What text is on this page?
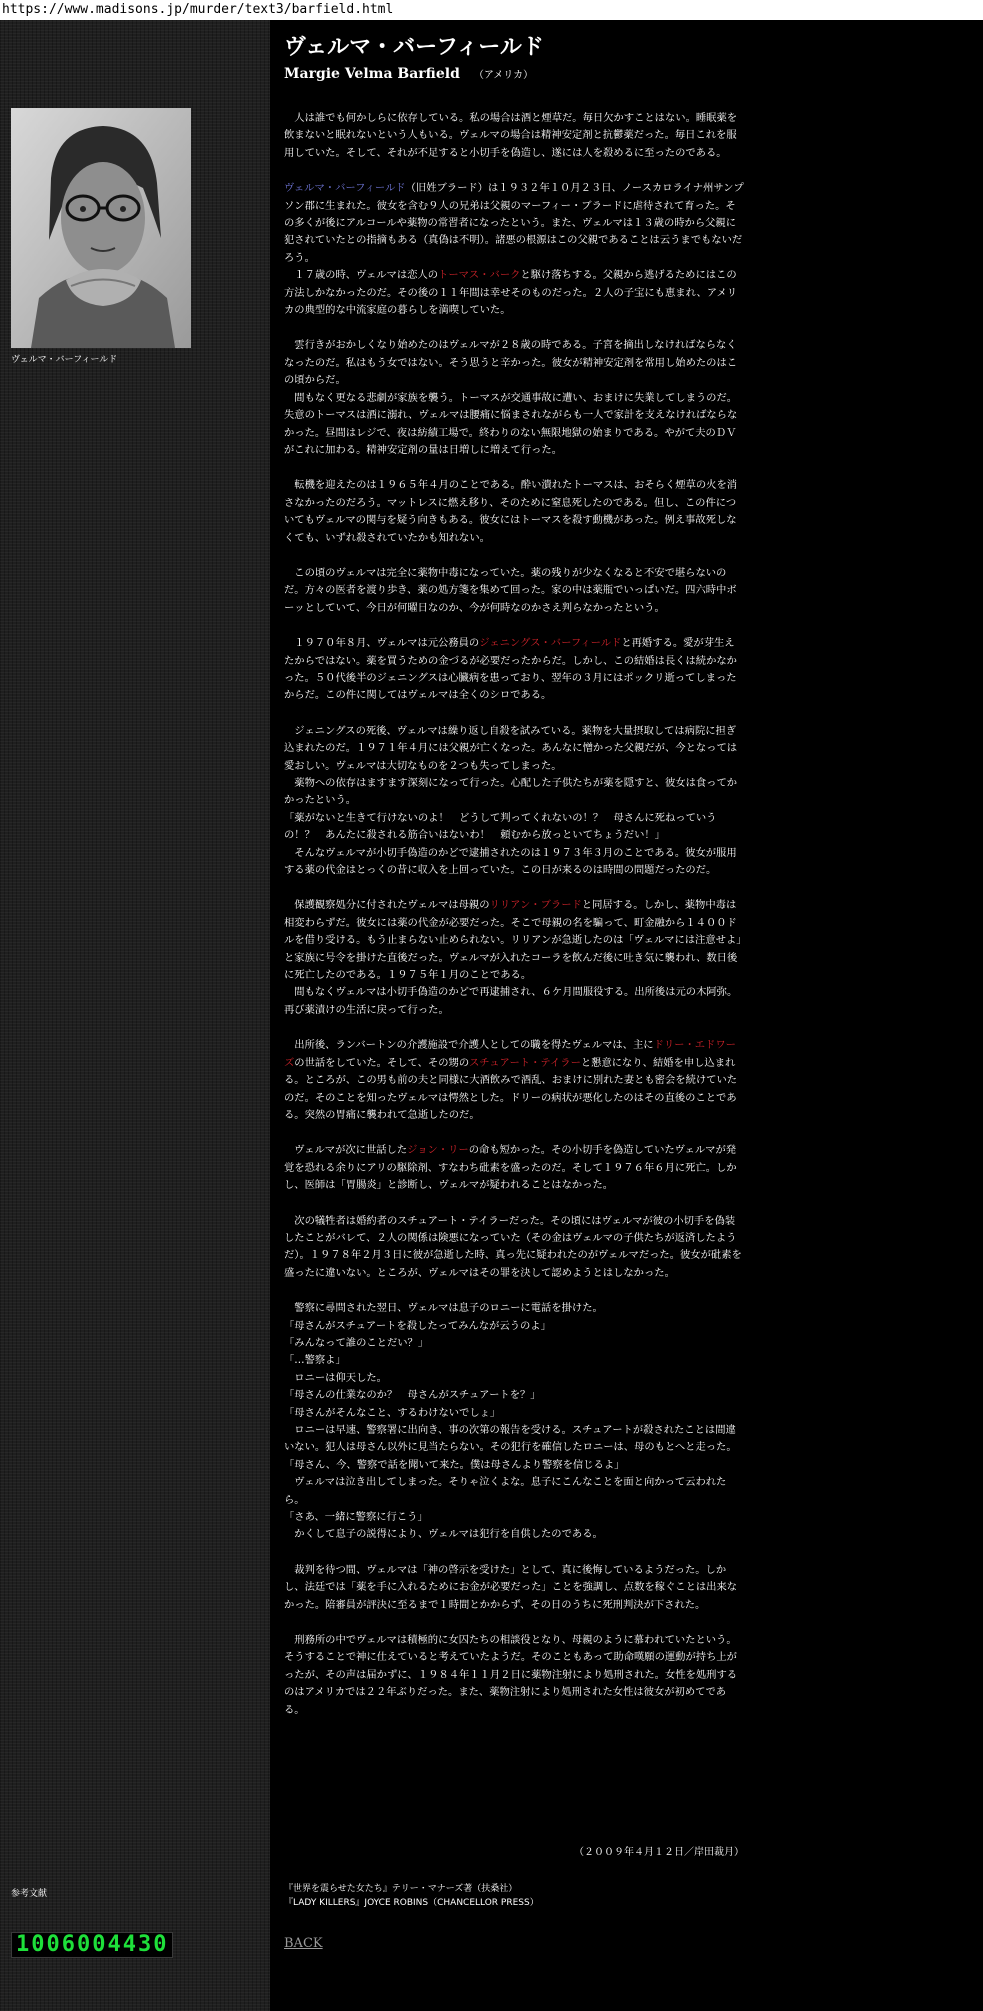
https://www.madisons.jp/murder/text3/barfield.html
ヴェルマ・バーフィールド
参考文献
1006004430
ヴェルマ・バーフィールド
Margie Velma Barfield （アメリカ）

　人は誰でも何かしらに依存している。私の場合は酒と煙草だ。毎日欠かすことはない。睡眠薬を飲まないと眠れないという人もいる。ヴェルマの場合は精神安定剤と抗鬱薬だった。毎日これを服用していた。そして、それが不足すると小切手を偽造し、遂には人を殺めるに至ったのである。

ヴェルマ・バーフィールド（旧姓ブラード）は１９３２年１０月２３日、ノースカロライナ州サンプソン郡に生まれた。彼女を含む９人の兄弟は父親のマーフィー・ブラードに虐待されて育った。その多くが後にアルコールや薬物の常習者になったという。また、ヴェルマは１３歳の時から父親に犯されていたとの指摘もある（真偽は不明）。諸悪の根源はこの父親であることは云うまでもないだろう。
　１７歳の時、ヴェルマは恋人のトーマス・バークと駆け落ちする。父親から逃げるためにはこの方法しかなかったのだ。その後の１１年間は幸せそのものだった。２人の子宝にも恵まれ、アメリカの典型的な中流家庭の暮らしを満喫していた。

　雲行きがおかしくなり始めたのはヴェルマが２８歳の時である。子宮を摘出しなければならなくなったのだ。私はもう女ではない。そう思うと辛かった。彼女が精神安定剤を常用し始めたのはこの頃からだ。
　間もなく更なる悲劇が家族を襲う。トーマスが交通事故に遭い、おまけに失業してしまうのだ。失意のトーマスは酒に溺れ、ヴェルマは腰痛に悩まされながらも一人で家計を支えなければならなかった。昼間はレジで、夜は紡績工場で。終わりのない無限地獄の始まりである。やがて夫のＤＶがこれに加わる。精神安定剤の量は日増しに増えて行った。

　転機を迎えたのは１９６５年４月のことである。酔い潰れたトーマスは、おそらく煙草の火を消さなかったのだろう。マットレスに燃え移り、そのために窒息死したのである。但し、この件についてもヴェルマの関与を疑う向きもある。彼女にはトーマスを殺す動機があった。例え事故死しなくても、いずれ殺されていたかも知れない。

　この頃のヴェルマは完全に薬物中毒になっていた。薬の残りが少なくなると不安で堪らないのだ。方々の医者を渡り歩き、薬の処方箋を集めて回った。家の中は薬瓶でいっぱいだ。四六時中ボーッとしていて、今日が何曜日なのか、今が何時なのかさえ判らなかったという。

　１９７０年８月、ヴェルマは元公務員のジェニングス・バーフィールドと再婚する。愛が芽生えたからではない。薬を買うための金づるが必要だったからだ。しかし、この結婚は長くは続かなかった。５０代後半のジェニングスは心臓病を患っており、翌年の３月にはポックリ逝ってしまったからだ。この件に関してはヴェルマは全くのシロである。

　ジェニングスの死後、ヴェルマは繰り返し自殺を試みている。薬物を大量摂取しては病院に担ぎ込まれたのだ。１９７１年４月には父親が亡くなった。あんなに憎かった父親だが、今となっては愛おしい。ヴェルマは大切なものを２つも失ってしまった。
　薬物への依存はますます深刻になって行った。心配した子供たちが薬を隠すと、彼女は食ってかかったという。
「薬がないと生きて行けないのよ！　どうして判ってくれないの！？　母さんに死ねっていうの！？　あんたに殺される筋合いはないわ！　頼むから放っといてちょうだい！」
　そんなヴェルマが小切手偽造のかどで逮捕されたのは１９７３年３月のことである。彼女が服用する薬の代金はとっくの昔に収入を上回っていた。この日が来るのは時間の問題だったのだ。

　保護観察処分に付されたヴェルマは母親のリリアン・ブラードと同居する。しかし、薬物中毒は相変わらずだ。彼女には薬の代金が必要だった。そこで母親の名を騙って、町金融から１４００ドルを借り受ける。もう止まらない止められない。リリアンが急逝したのは「ヴェルマには注意せよ」と家族に号令を掛けた直後だった。ヴェルマが入れたコーラを飲んだ後に吐き気に襲われ、数日後に死亡したのである。１９７５年１月のことである。
　間もなくヴェルマは小切手偽造のかどで再逮捕され、６ケ月間服役する。出所後は元の木阿弥。再び薬漬けの生活に戻って行った。

　出所後、ランバートンの介護施設で介護人としての職を得たヴェルマは、主にドリー・エドワーズの世話をしていた。そして、その甥のスチュアート・テイラーと懇意になり、結婚を申し込まれる。ところが、この男も前の夫と同様に大酒飲みで酒乱、おまけに別れた妻とも密会を続けていたのだ。そのことを知ったヴェルマは愕然とした。ドリーの病状が悪化したのはその直後のことである。突然の胃痛に襲われて急逝したのだ。

　ヴェルマが次に世話したジョン・リーの命も短かった。その小切手を偽造していたヴェルマが発覚を恐れる余りにアリの駆除剤、すなわち砒素を盛ったのだ。そして１９７６年６月に死亡。しかし、医師は「胃腸炎」と診断し、ヴェルマが疑われることはなかった。

　次の犠牲者は婚約者のスチュアート・テイラーだった。その頃にはヴェルマが彼の小切手を偽装したことがバレて、２人の関係は険悪になっていた（その金はヴェルマの子供たちが返済したようだ）。１９７８年２月３日に彼が急逝した時、真っ先に疑われたのがヴェルマだった。彼女が砒素を盛ったに違いない。ところが、ヴェルマはその罪を決して認めようとはしなかった。

　警察に尋問された翌日、ヴェルマは息子のロニーに電話を掛けた。
「母さんがスチュアートを殺したってみんなが云うのよ」
「みんなって誰のことだい？」
「…警察よ」
　ロニーは仰天した。
「母さんの仕業なのか？　母さんがスチュアートを？」
「母さんがそんなこと、するわけないでしょ」
　ロニーは早速、警察署に出向き、事の次第の報告を受ける。スチュアートが殺されたことは間違いない。犯人は母さん以外に見当たらない。その犯行を確信したロニーは、母のもとへと走った。
「母さん、今、警察で話を聞いて来た。僕は母さんより警察を信じるよ」
　ヴェルマは泣き出してしまった。そりゃ泣くよな。息子にこんなことを面と向かって云われたら。
「さあ、一緒に警察に行こう」
　かくして息子の説得により、ヴェルマは犯行を自供したのである。

　裁判を待つ間、ヴェルマは「神の啓示を受けた」として、真に後悔しているようだった。しかし、法廷では「薬を手に入れるためにお金が必要だった」ことを強調し、点数を稼ぐことは出来なかった。陪審員が評決に至るまで１時間とかからず、その日のうちに死刑判決が下された。

　刑務所の中でヴェルマは積極的に女囚たちの相談役となり、母親のように慕われていたという。そうすることで神に仕えていると考えていたようだ。そのこともあって助命嘆願の運動が持ち上がったが、その声は届かずに、１９８４年１１月２日に薬物注射により処刑された。女性を処刑するのはアメリカでは２２年ぶりだった。また、薬物注射により処刑された女性は彼女が初めてである。

（２００９年４月１２日／岸田裁月）
『世界を震らせた女たち』テリー・マナーズ著（扶桑社）
『LADY KILLERS』JOYCE ROBINS（CHANCELLOR PRESS）
BACK
